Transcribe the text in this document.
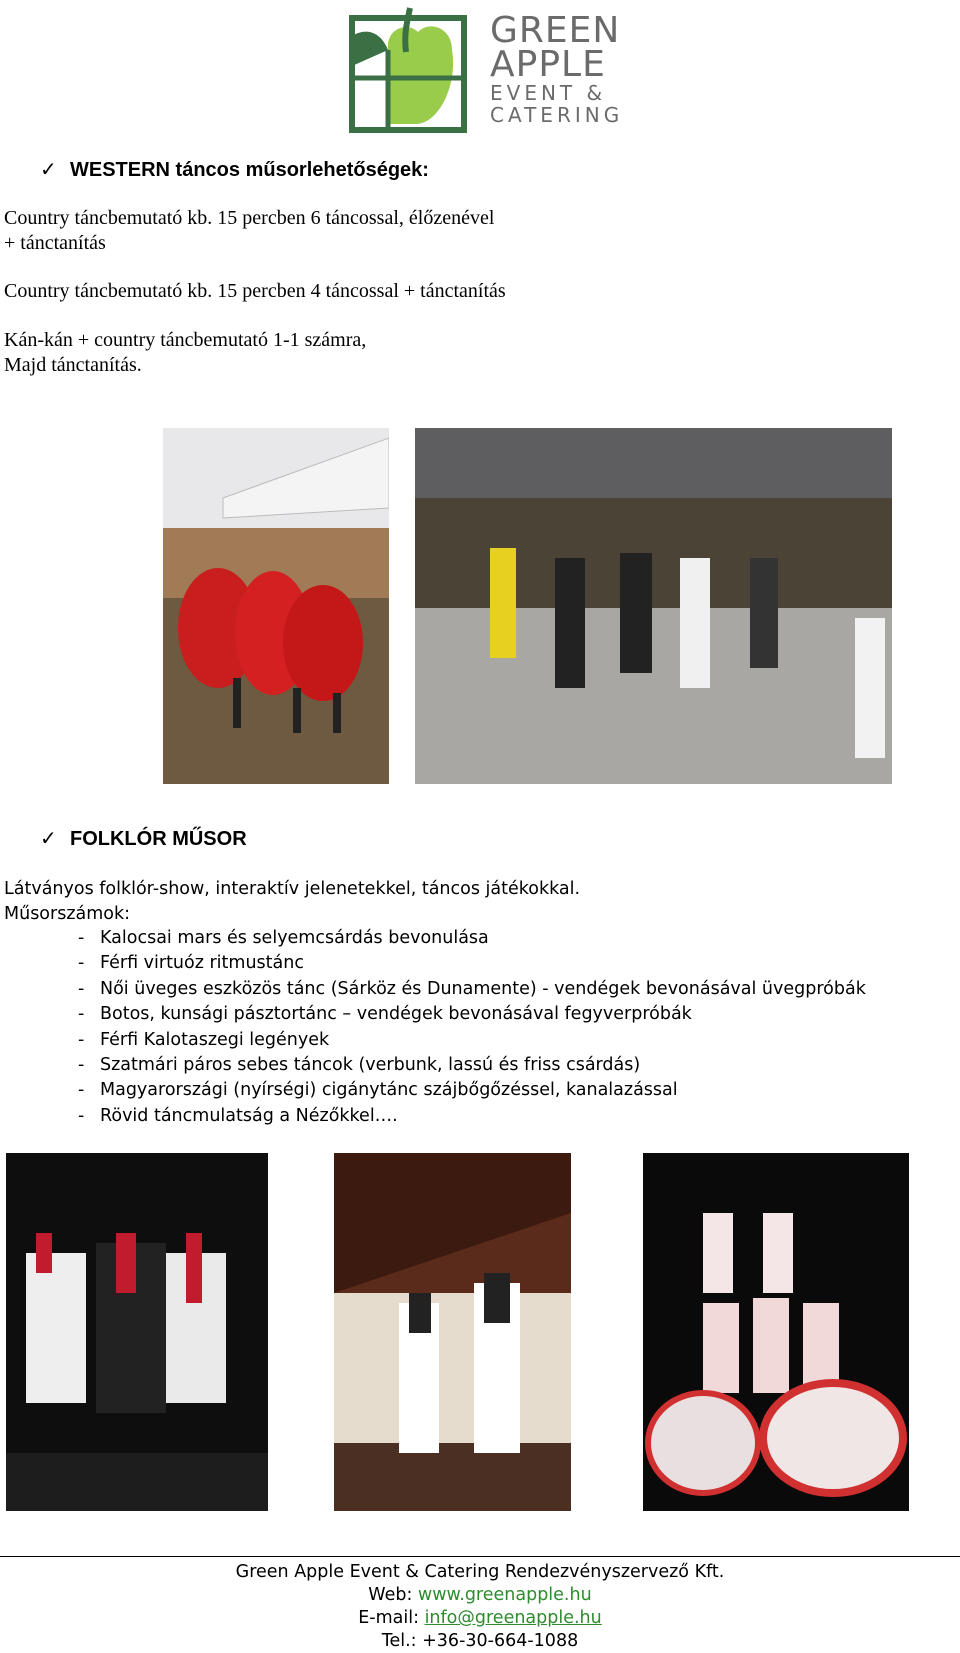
GREEN
APPLE
EVENT &
CATERING
✓ WESTERN táncos műsorlehetőségek:
Country táncbemutató kb. 15 percben 6 táncossal, élőzenével
+ tánctanítás
Country táncbemutató kb. 15 percben 4 táncossal + tánctanítás
Kán-kán + country táncbemutató 1-1 számra,
Majd tánctanítás.
✓ FOLKLÓR MŰSOR
Látványos folklór-show, interaktív jelenetekkel, táncos játékokkal.
Műsorszámok:
- Kalocsai mars és selyemcsárdás bevonulása
- Férfi virtuóz ritmustánc
- Női üveges eszközös tánc (Sárköz és Dunamente) - vendégek bevonásával üvegpróbák
- Botos, kunsági pásztortánc – vendégek bevonásával fegyverpróbák
- Férfi Kalotaszegi legények
- Szatmári páros sebes táncok (verbunk, lassú és friss csárdás)
- Magyarországi (nyírségi) cigánytánc szájbőgőzéssel, kanalazással
- Rövid táncmulatság a Nézőkkel….
Green Apple Event & Catering Rendezvényszervező Kft.
Web: www.greenapple.hu
E-mail: info@greenapple.hu
Tel.: +36-30-664-1088
